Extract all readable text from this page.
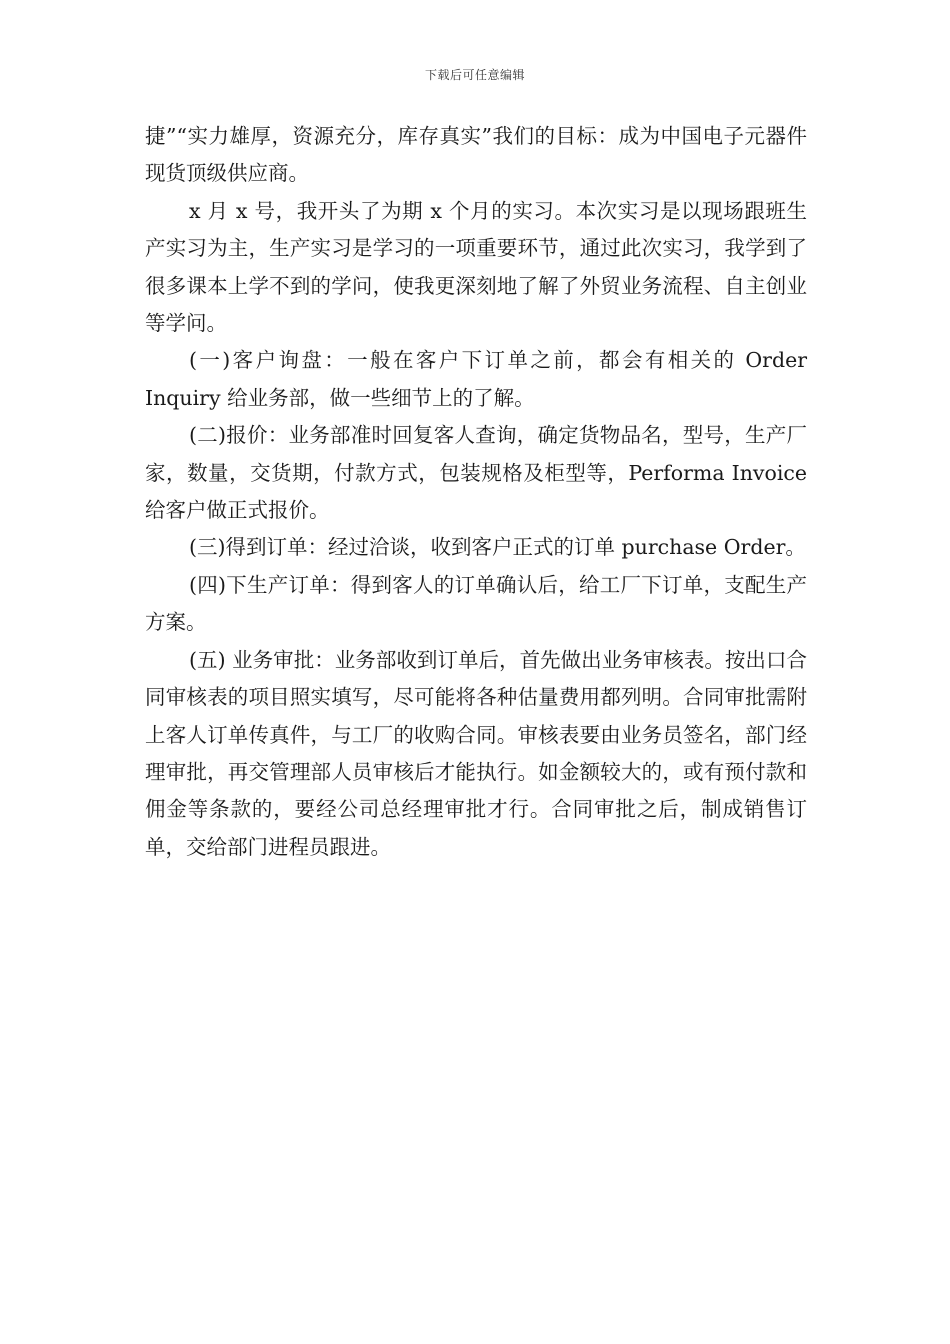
下载后可任意编辑

捷”“实力雄厚，资源充分，库存真实”我们的目标：成为中国电子元器件现货顶级供应商。

x 月 x 号，我开头了为期 x 个月的实习。本次实习是以现场跟班生产实习为主，生产实习是学习的一项重要环节，通过此次实习，我学到了很多课本上学不到的学问，使我更深刻地了解了外贸业务流程、自主创业等学问。

(一)客户询盘：一般在客户下订单之前，都会有相关的 Order Inquiry 给业务部，做一些细节上的了解。

(二)报价：业务部准时回复客人查询，确定货物品名，型号，生产厂家，数量，交货期，付款方式，包装规格及柜型等，Performa Invoice 给客户做正式报价。

(三)得到订单：经过洽谈，收到客户正式的订单 purchase Order。

(四)下生产订单：得到客人的订单确认后，给工厂下订单，支配生产方案。

(五) 业务审批：业务部收到订单后，首先做出业务审核表。按出口合同审核表的项目照实填写，尽可能将各种估量费用都列明。合同审批需附上客人订单传真件，与工厂的收购合同。审核表要由业务员签名，部门经理审批，再交管理部人员审核后才能执行。如金额较大的，或有预付款和佣金等条款的，要经公司总经理审批才行。合同审批之后，制成销售订单，交给部门进程员跟进。
